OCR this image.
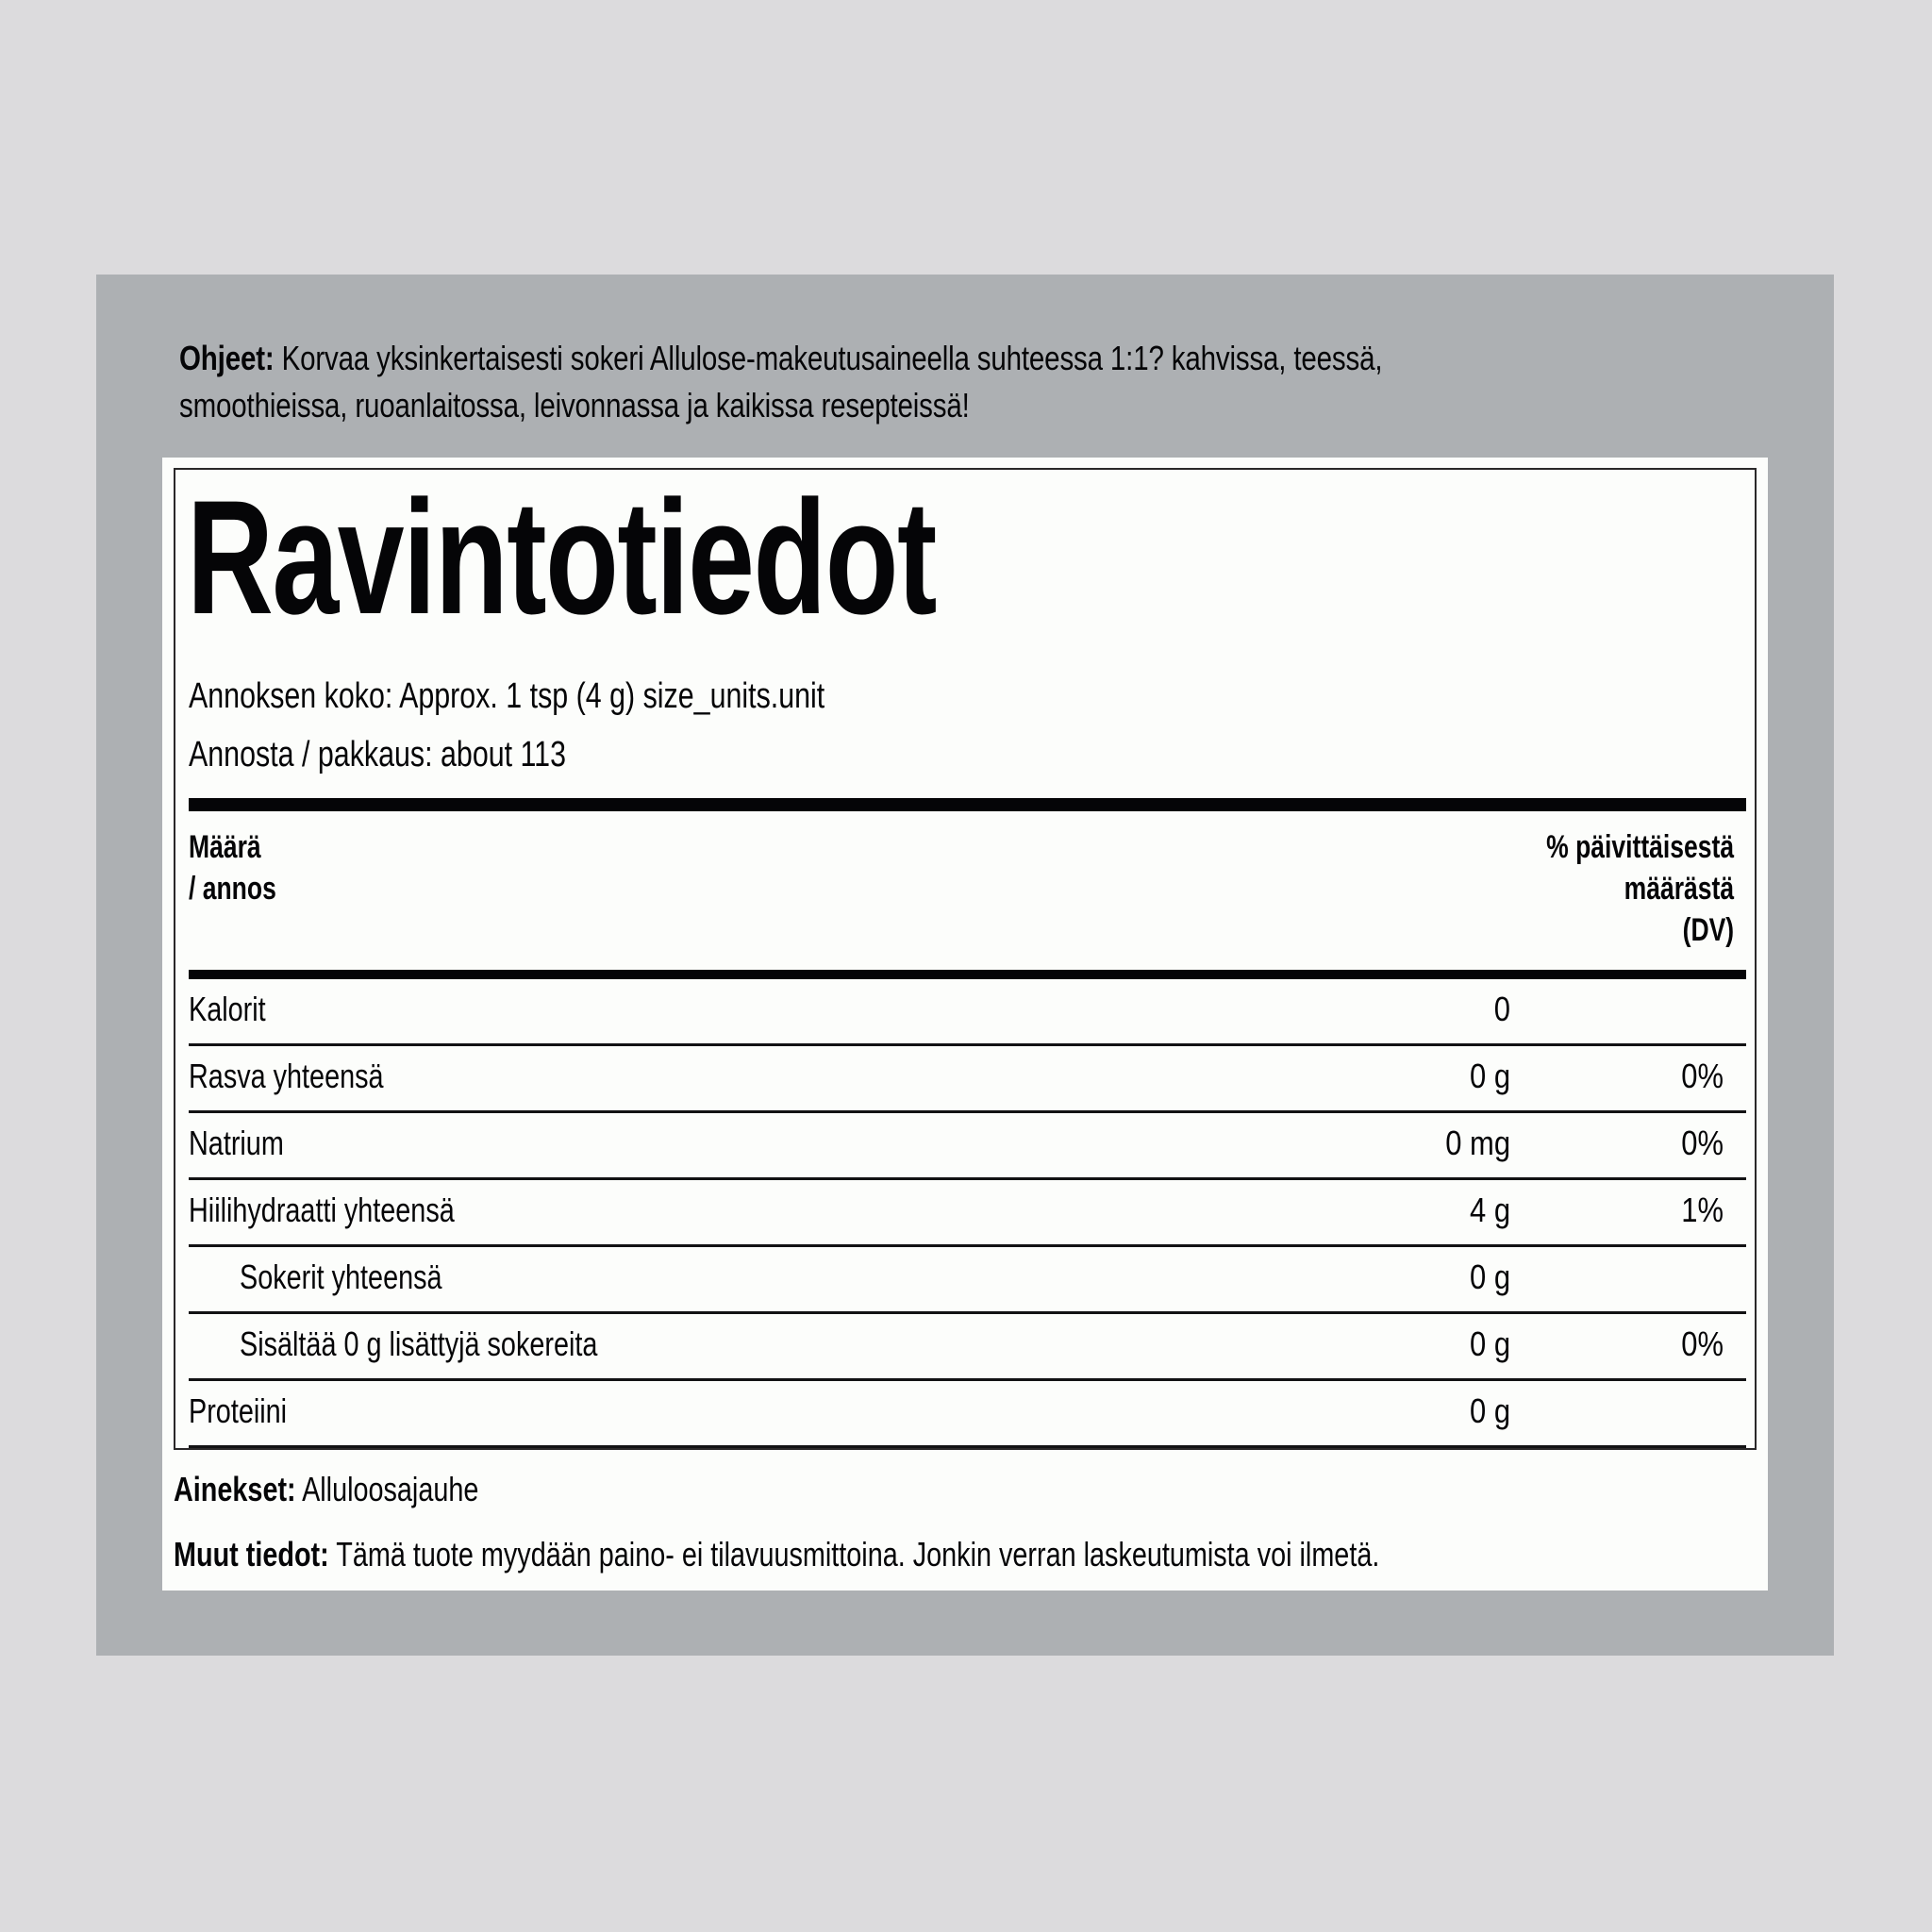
Ohjeet: Korvaa yksinkertaisesti sokeri Allulose-makeutusaineella suhteessa 1:1? kahvissa, teessä, smoothieissa, ruoanlaitossa, leivonnassa ja kaikissa resepteissä!
Ravintotiedot
Annoksen koko: Approx. 1 tsp (4 g) size_units.unit
Annosta / pakkaus: about 113
Määrä
/ annos
% päivittäisestä
määrästä
(DV)
Kalorit	0
Rasva yhteensä	0 g	0%
Natrium	0 mg	0%
Hiilihydraatti yhteensä	4 g	1%
Sokerit yhteensä	0 g
Sisältää 0 g lisättyjä sokereita	0 g	0%
Proteiini	0 g
Ainekset: Alluloosajauhe
Muut tiedot: Tämä tuote myydään paino- ei tilavuusmittoina. Jonkin verran laskeutumista voi ilmetä.
